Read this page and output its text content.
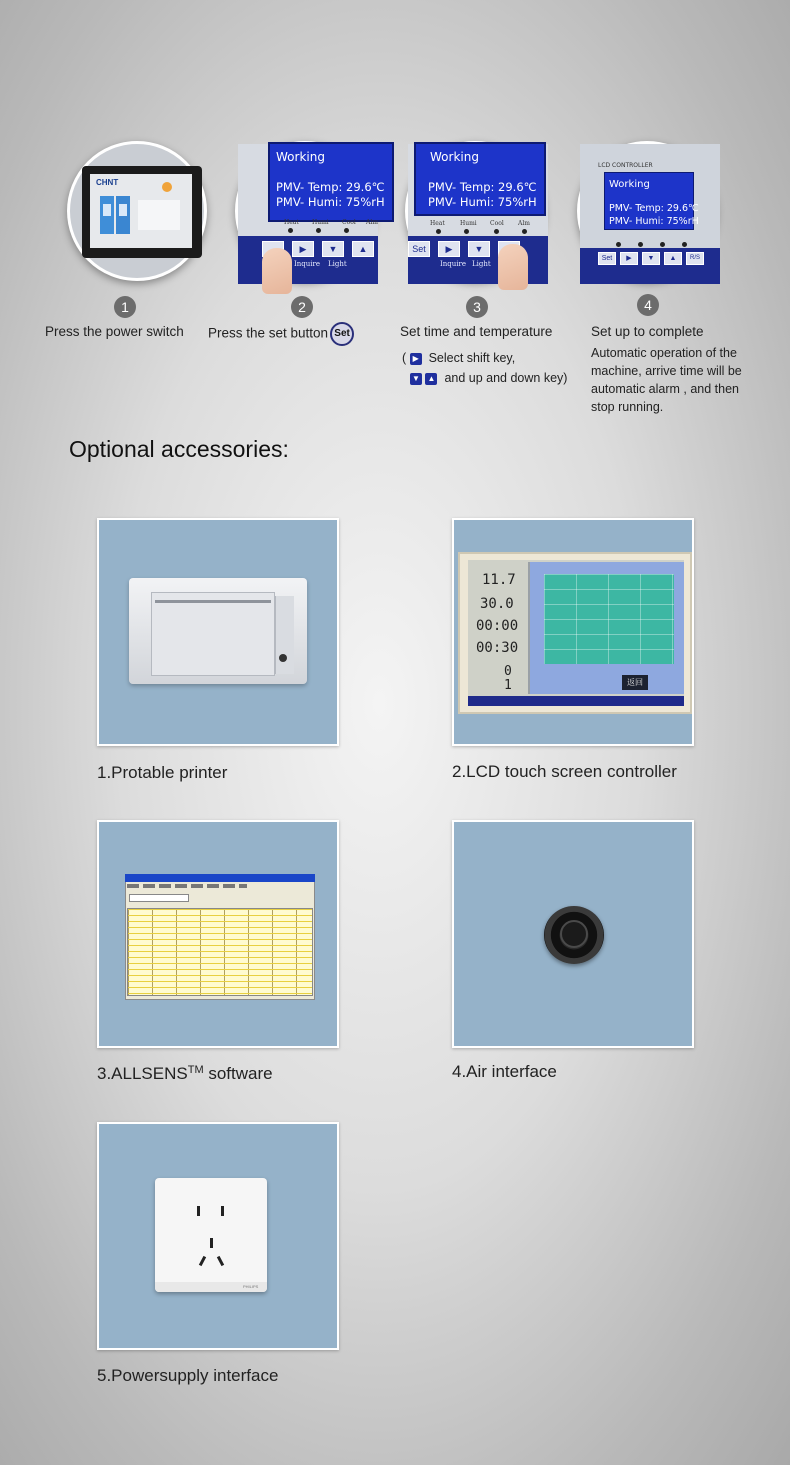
CHNT
1
Press the power switch
Working
PMV- Temp: 29.6℃
PMV- Humi: 75%rH
Heat Humi Cool Alm
▶	▼	▲
Inquire Light
2
Press the set button Set
Working
PMV- Temp: 29.6℃
PMV- Humi: 75%rH
Heat	Humi Cool Alm
Set	▶	▼
Inquire Light
3
Set time and temperature
( ▶ Select shift key,
▼ ▲ and up and down key)
LCD CONTROLLER
Working
PMV- Temp: 29.6℃
PMV- Humi: 75%rH
Set	▶	▼	▲	R/S
4
Set up to complete
Automatic operation of the
machine, arrive time will be
automatic alarm , and then
stop running.
Optional accessories:
1.Protable printer
11.7
30.0
00:00
00:30
0
1	返回
2.LCD touch screen controller
3.ALLSENS™ software	4.Air interface
PHILIPS
5.Powersupply interface
